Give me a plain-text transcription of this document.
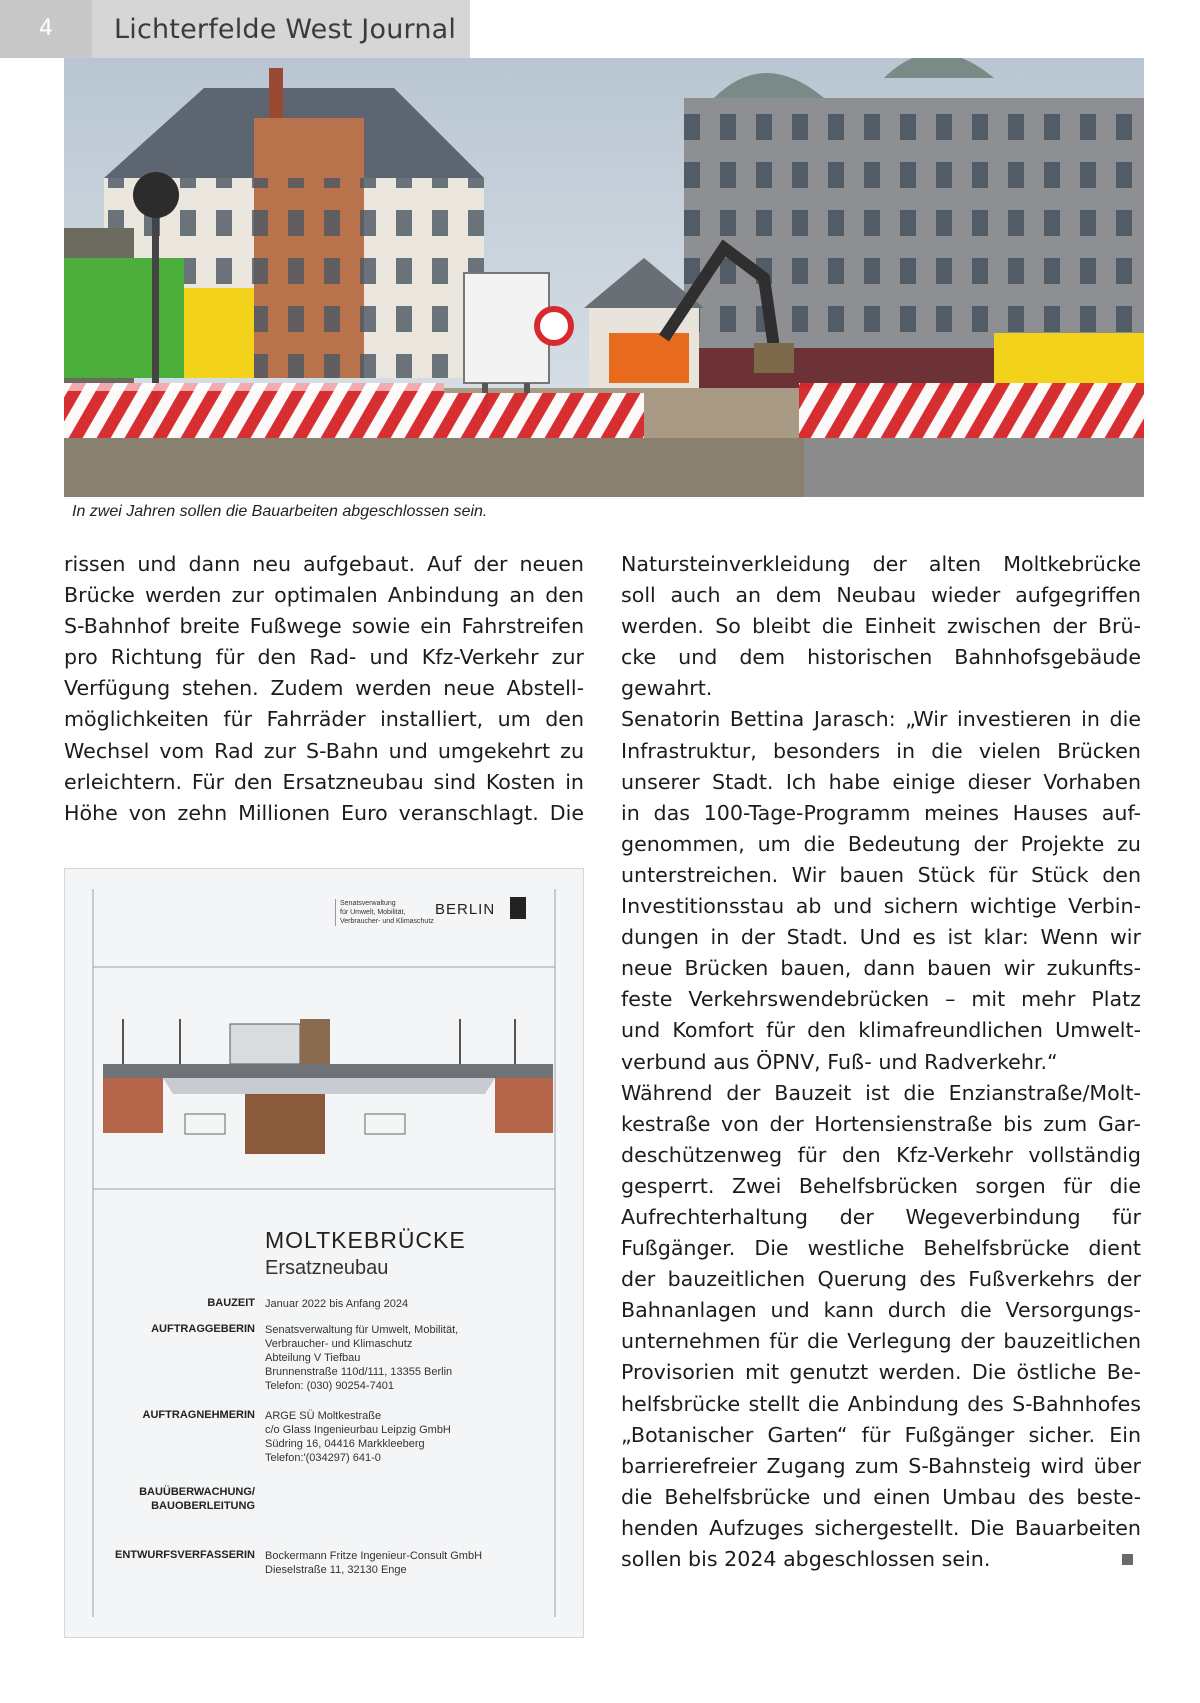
4	Lichterfelde West Journal
In zwei Jahren sollen die Bauarbeiten abgeschlossen sein.
rissen und dann neu aufgebaut. Auf der neuen
Brücke werden zur optimalen Anbindung an den
S-Bahnhof breite Fußwege sowie ein Fahrstreifen
pro Richtung für den Rad- und Kfz-Verkehr zur
Verfügung stehen. Zudem werden neue Abstell-
möglichkeiten für Fahrräder installiert, um den
Wechsel vom Rad zur S-Bahn und umgekehrt zu
erleichtern. Für den Ersatzneubau sind Kosten in
Höhe von zehn Millionen Euro veranschlagt. Die
Senatsverwaltung
für Umwelt, Mobilität,
Verbraucher- und Klimaschutz
BERLIN
MOLTKEBRÜCKE
Ersatzneubau
BAUZEIT Januar 2022 bis Anfang 2024
AUFTRAGGEBERIN Senatsverwaltung für Umwelt, Mobilität,
Verbraucher- und Klimaschutz
Abteilung V Tiefbau
Brunnenstraße 110d/111, 13355 Berlin
Telefon: (030) 90254-7401
AUFTRAGNEHMERIN ARGE SÜ Moltkestraße
c/o Glass Ingenieurbau Leipzig GmbH
Südring 16, 04416 Markkleeberg
Telefon:'(034297) 641-0
BAUÜBERWACHUNG/
BAUOBERLEITUNG
ENTWURFSVERFASSERIN Bockermann Fritze Ingenieur-Consult GmbH
Dieselstraße 11, 32130 Enge
Natursteinverkleidung der alten Moltkebrücke
soll auch an dem Neubau wieder aufgegriffen
werden. So bleibt die Einheit zwischen der Brü-
cke und dem historischen Bahnhofsgebäude
gewahrt.
Senatorin Bettina Jarasch: „Wir investieren in die
Infrastruktur, besonders in die vielen Brücken
unserer Stadt. Ich habe einige dieser Vorhaben
in das 100-Tage-Programm meines Hauses auf-
genommen, um die Bedeutung der Projekte zu
unterstreichen. Wir bauen Stück für Stück den
Investitionsstau ab und sichern wichtige Verbin-
dungen in der Stadt. Und es ist klar: Wenn wir
neue Brücken bauen, dann bauen wir zukunfts-
feste Verkehrswendebrücken – mit mehr Platz
und Komfort für den klimafreundlichen Umwelt-
verbund aus ÖPNV, Fuß- und Radverkehr.“
Während der Bauzeit ist die Enzianstraße/Molt-
kestraße von der Hortensienstraße bis zum Gar-
deschützenweg für den Kfz-Verkehr vollständig
gesperrt. Zwei Behelfsbrücken sorgen für die
Aufrechterhaltung der Wegeverbindung für
Fußgänger. Die westliche Behelfsbrücke dient
der bauzeitlichen Querung des Fußverkehrs der
Bahnanlagen und kann durch die Versorgungs-
unternehmen für die Verlegung der bauzeitlichen
Provisorien mit genutzt werden. Die östliche Be-
helfsbrücke stellt die Anbindung des S-Bahnhofes
„Botanischer Garten“ für Fußgänger sicher. Ein
barrierefreier Zugang zum S-Bahnsteig wird über
die Behelfsbrücke und einen Umbau des beste-
henden Aufzuges sichergestellt. Die Bauarbeiten
sollen bis 2024 abgeschlossen sein.
